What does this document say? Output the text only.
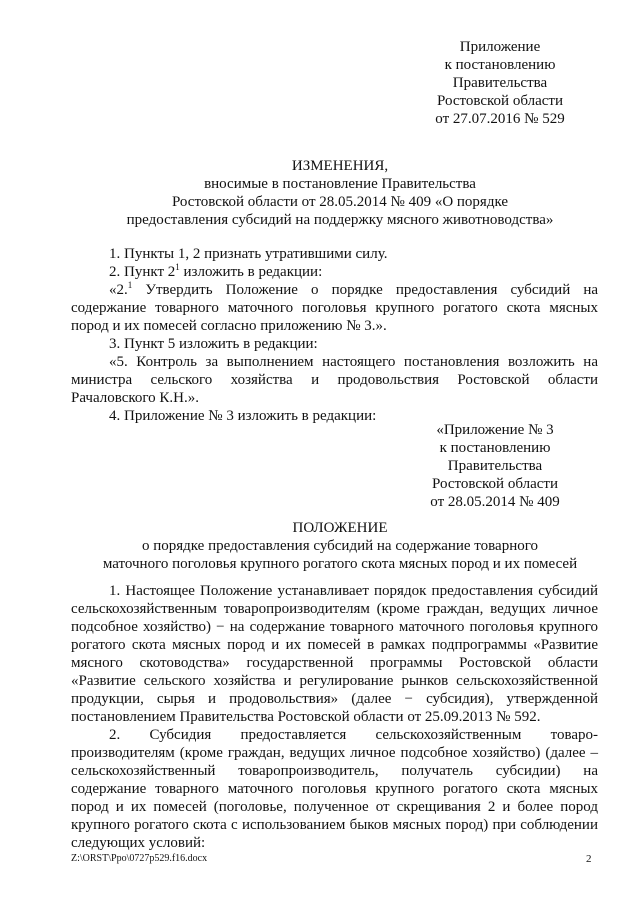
Приложение
к постановлению
Правительства
Ростовской области
от 27.07.2016 № 529
ИЗМЕНЕНИЯ,
вносимые в постановление Правительства
Ростовской области от 28.05.2014 № 409 «О порядке
предоставления субсидий на поддержку мясного животноводства»

1. Пункты 1, 2 признать утратившими силу.

2. Пункт $2^1$ изложить в редакции:

«2.$^1$ Утвердить Положение о порядке предоставления субсидий на содержание товарного маточного поголовья крупного рогатого скота мясных пород и их помесей согласно приложению № 3.».

3. Пункт 5 изложить в редакции:

«5. Контроль за выполнением настоящего постановления возложить на министра сельского хозяйства и продовольствия Ростовской области Рачаловского К.Н.».

4. Приложение № 3 изложить в редакции:

«Приложение № 3
к постановлению
Правительства
Ростовской области
от 28.05.2014 № 409
ПОЛОЖЕНИЕ
о порядке предоставления субсидий на содержание товарного
маточного поголовья крупного рогатого скота мясных пород и их помесей

1. Настоящее Положение устанавливает порядок предоставления субсидий сельскохозяйственным товаропроизводителям (кроме граждан, ведущих личное подсобное хозяйство) − на содержание товарного маточного поголовья крупного рогатого скота мясных пород и их помесей в рамках подпрограммы «Развитие мясного скотоводства» государственной программы Ростовской области «Развитие сельского хозяйства и регулирование рынков сельскохозяйственной продукции, сырья и продовольствия» (далее − субсидия), утвержденной постановлением Правительства Ростовской области от 25.09.2013 № 592.

2. Субсидия предоставляется сельскохозяйственным товаро-производителям (кроме граждан, ведущих личное подсобное хозяйство) (далее – сельскохозяйственный товаропроизводитель, получатель субсидии) на содержание товарного маточного поголовья крупного рогатого скота мясных пород и их помесей (поголовье, полученное от скрещивания 2 и более пород крупного рогатого скота с использованием быков мясных пород) при соблюдении следующих условий:

Z:\ORST\Ppo\0727p529.f16.docx	2
